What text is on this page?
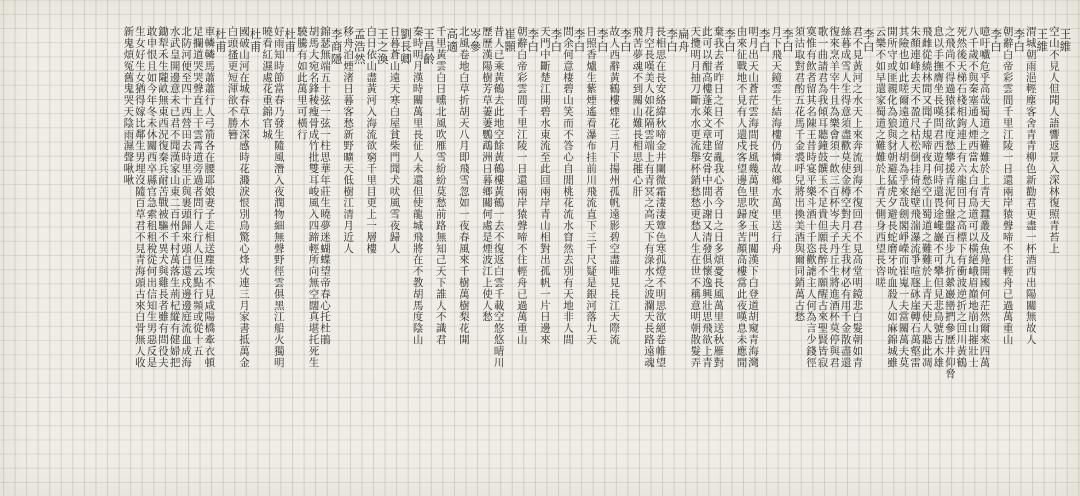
王維
空山不見人但聞人語響返景入深林復照青苔上
王維
渭城朝雨浥輕塵客舍青青柳色新勸君更盡一杯酒西出陽關無故人
李白
朝辭白帝彩雲間千里江陵一日還兩岸猿聲啼不住輕舟已過萬重山
李白
噫吁嚱危乎高哉蜀道之難難於上青天蠶叢及魚鳧開國何茫然爾來四萬
八千歲不與秦塞通人煙西當太白有鳥道可以橫絕峨眉巔地崩山摧壯士
死然後天梯石棧相鉤連上有六龍回日之高標下有衝波逆折之回川黃鶴
之飛尚不得過猿猱欲度愁攀援青泥何盤盤百步九折縈巖巒捫參歷井仰脅
息以手撫膺坐長嘆問君西遊何時還畏途巉巖不可攀但見悲鳥號古木雄
飛雌從繞林間又聞子規啼夜月愁空山蜀道之難難於上青天使人聽此凋
朱顏連峰去天不盈尺枯松倒挂倚絕壁飛湍瀑流爭喧豗砯崖轉石萬壑雷
其險也如此嗟爾遠道之人胡為乎來哉劍閣崢嶸而崔嵬一夫當關萬夫莫
開所守或匪親化為狼與豺朝避猛虎夕避長蛇磨牙吮血殺人如麻錦城雖
云樂不如早還家蜀道之難難於上青天側身西望長咨嗟
李白
君不見黃河之水天上來奔流到海不復回君不見高堂明鏡悲白髮朝如青
絲暮成雪人生得意須盡歡莫使金樽空對月天生我材必有用千金散盡還
復來烹羊宰牛且為樂會須一飲三百杯岑夫子丹丘生將進酒杯莫停與君
歌一曲請君為我傾耳聽鐘鼓饌玉不足貴但願長醉不願醒古來聖賢皆寂
寞惟有飲者留其名陳王昔時宴平樂斗酒十千恣歡謔主人何為言少錢徑
須沽取對君酌五花馬千金裘呼兒將出換美酒與爾同銷萬古愁
李白
月下飛天鏡雲生結海樓仍憐故鄉水萬里送行舟
李白
明月出天山蒼茫雲海間長風幾萬里吹度玉門關漢下白登道胡窺青海灣
由來征戰地不見有人還戍客望邊色思歸多苦顏高樓當此夜嘆息未應閒
李白
棄我去者昨日之日不可留亂我心者今日之日多煩憂長風萬里送秋雁對
此可以酣高樓蓬萊文章建安骨中間小謝又清發俱懷逸興壯思飛欲上青
天攬明月抽刀斷水水更流舉杯銷愁愁更愁人生在世不稱意明朝散髮弄
扁舟
李白
長相思在長安絡緯秋啼金井闌微霜淒淒簟色寒孤燈不明思欲絕卷帷望
月空長嘆美人如花隔雲端上有青冥之高天下有淥水之波瀾天長路遠魂
飛苦夢魂不到關山難長相思摧心肝
李白
故人西辭黃鶴樓煙花三月下揚州孤帆遠影碧空盡唯見長江天際流
李白
日照香爐生紫煙遙看瀑布挂前川飛流直下三千尺疑是銀河落九天
李白
問余何意棲碧山笑而不答心自閒桃花流水窅然去別有天地非人間
李白
天門中斷楚江開碧水東流至此回兩岸青山相對出孤帆一片日邊來
李白
朝辭白帝彩雲間千里江陵一日還兩岸猿聲啼不住輕舟已過萬重山
崔顥
昔人已乘黃鶴去此地空餘黃鶴樓黃鶴一去不復返白雲千載空悠悠晴川
歷歷漢陽樹芳草萋萋鸚鵡洲日暮鄉關何處是煙波江上使人愁
岑參
北風卷地白草折胡天八月即飛雪忽如一夜春風來千樹萬樹梨花開
高適
千里黃雲白日曛北風吹雁雪紛紛莫愁前路無知己天下誰人不識君
王昌齡
秦時明月漢時關萬里長征人未還但使龍城飛將在不教胡馬度陰山
劉長卿
日暮蒼山遠天寒白屋貧柴門聞犬吠風雪夜歸人
王之渙
白日依山盡黃河入海流欲窮千里目更上一層樓
孟浩然
移舟泊煙渚日暮客愁新野曠天低樹江清月近人
李商隱
錦瑟無端五十弦一弦一柱思華年莊生曉夢迷蝴蝶望帝春心托杜鵑
胡馬大宛名鋒稜瘦骨成竹批雙耳峻風入四蹄輕所向無空闊真堪托死生
驍騰有如此萬里可橫行
杜甫
好雨知時節當春乃發生隨風潛入夜潤物細無聲野徑雲俱黑江船火獨明
曉看紅濕處花重錦官城
杜甫
國破山河在城春草木深感時花濺淚恨別鳥驚心烽火連三月家書抵萬金
白頭搔更短渾欲不勝簪
杜甫
車轔轔馬蕭蕭行人弓箭各在腰耶娘妻子走相送塵埃不見咸陽橋牽衣頓
足攔道哭哭聲直上干雲霄道旁過者問行人行人但云點行頻或從十五
北防河便至四十西營田去時里正與裹頭歸來頭白還戍邊邊庭流血成海
水武皇開邊意未已君不聞漢家山東二百州千村萬落生荊杞縱有健婦把
鋤犁禾生隴畝無東西況復秦兵耐苦戰被驅不異犬與雞長者雖有問役夫
敢申恨且如今年冬未休關西卒縣官急索租租稅從何出信知生男惡反是
生女好生女猶得嫁比鄰生男埋沒隨百草君不見青海頭古來白骨無人收
新鬼煩冤舊鬼哭天陰雨濕聲啾啾
